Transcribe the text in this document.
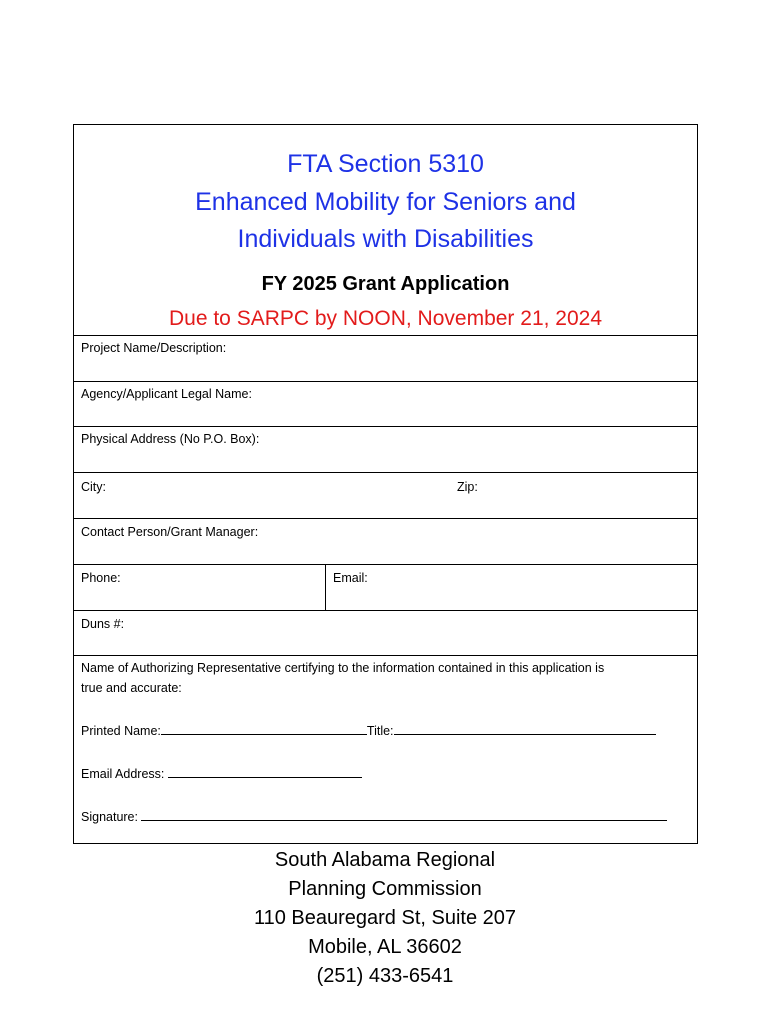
FTA Section 5310
Enhanced Mobility for Seniors and
Individuals with Disabilities
FY 2025 Grant Application
Due to SARPC by NOON, November 21, 2024
Project Name/Description:
Agency/Applicant Legal Name:
Physical Address (No P.O. Box):
City:	Zip:
Contact Person/Grant Manager:
Phone:	Email:
Duns #:
Name of Authorizing Representative certifying to the information contained in this application is
true and accurate:
Printed Name:	Title:
Email Address:
Signature:
South Alabama Regional
Planning Commission
110 Beauregard St, Suite 207
Mobile, AL 36602
(251) 433-6541
